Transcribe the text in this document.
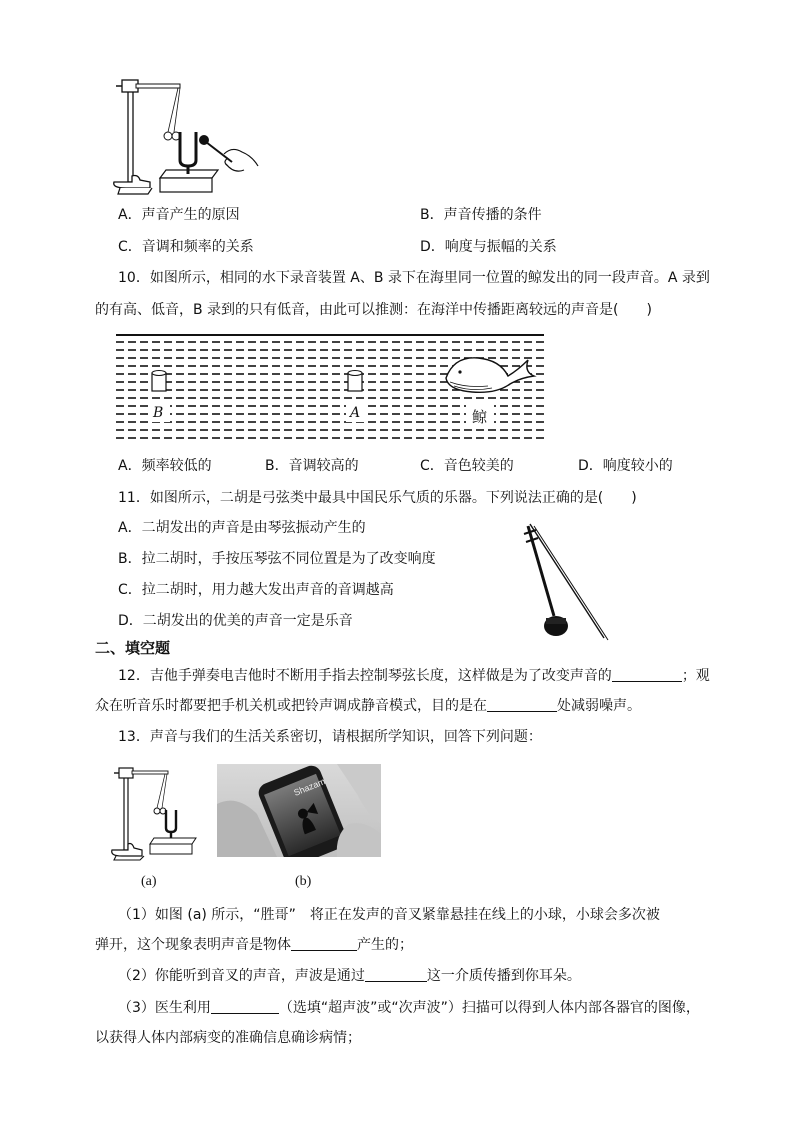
A．声音产生的原因	B．声音传播的条件
C．音调和频率的关系	D．响度与振幅的关系
10．如图所示，相同的水下录音装置 A、B 录下在海里同一位置的鲸发出的同一段声音。A 录到
的有高、低音，B 录到的只有低音，由此可以推测：在海洋中传播距离较远的声音是(　　)
B	A	鲸
A．频率较低的	B．音调较高的	C．音色较美的	D．响度较小的
11．如图所示，二胡是弓弦类中最具中国民乐气质的乐器。下列说法正确的是(　　)
A．二胡发出的声音是由琴弦振动产生的
B．拉二胡时，手按压琴弦不同位置是为了改变响度
C．拉二胡时，用力越大发出声音的音调越高
D．二胡发出的优美的声音一定是乐音
二、填空题
12．吉他手弹奏电吉他时不断用手指去控制琴弦长度，这样做是为了改变声音的	；观
众在听音乐时都要把手机关机或把铃声调成静音模式，目的是在	处减弱噪声。
13．声音与我们的生活关系密切，请根据所学知识，回答下列问题：
Shazam
(a)	(b)
（1）如图 (a) 所示，“胜哥”　将正在发声的音叉紧靠悬挂在线上的小球，小球会多次被
弹开，这个现象表明声音是物体	产生的；
（2）你能听到音叉的声音，声波是通过	这一介质传播到你耳朵。
（3）医生利用	（选填“超声波”或“次声波”）扫描可以得到人体内部各器官的图像，
以获得人体内部病变的准确信息确诊病情；
